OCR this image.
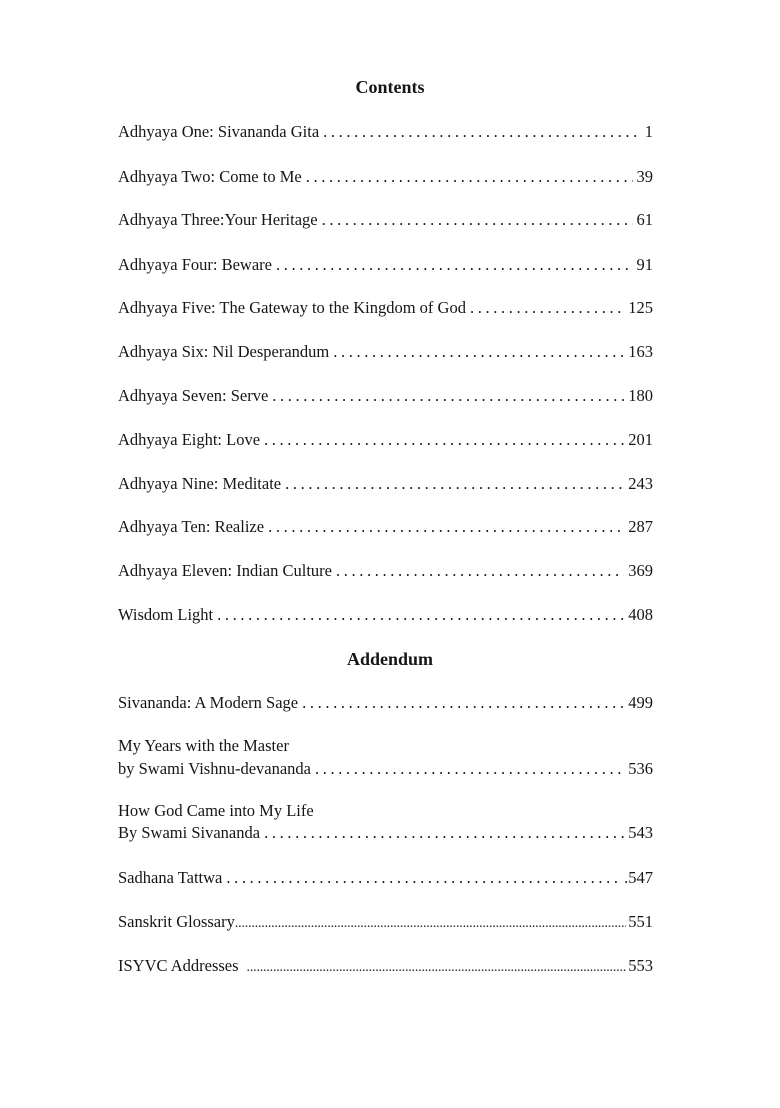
Contents
Adhyaya One: Sivananda Gita . . .	1
Adhyaya Two: Come to Me . . .	39
Adhyaya Three:Your Heritage . . .	61
Adhyaya Four: Beware . . .	91
Adhyaya Five: The Gateway to the Kingdom of God . . .	125
Adhyaya Six: Nil Desperandum . . .	163
Adhyaya Seven: Serve . . .	180
Adhyaya Eight: Love . . .	201
Adhyaya Nine: Meditate . . .	243
Adhyaya Ten: Realize . . .	287
Adhyaya Eleven: Indian Culture . . .	369
Wisdom Light . . .	408
Addendum
Sivananda: A Modern Sage . . .	499
My Years with the Master
by Swami Vishnu-devananda . . .	536
How God Came into My Life
By Swami Sivananda . . .	543
Sadhana Tattwa . . .	.547
Sanskrit Glossary .....	551
ISYVC Addresses .....	553
